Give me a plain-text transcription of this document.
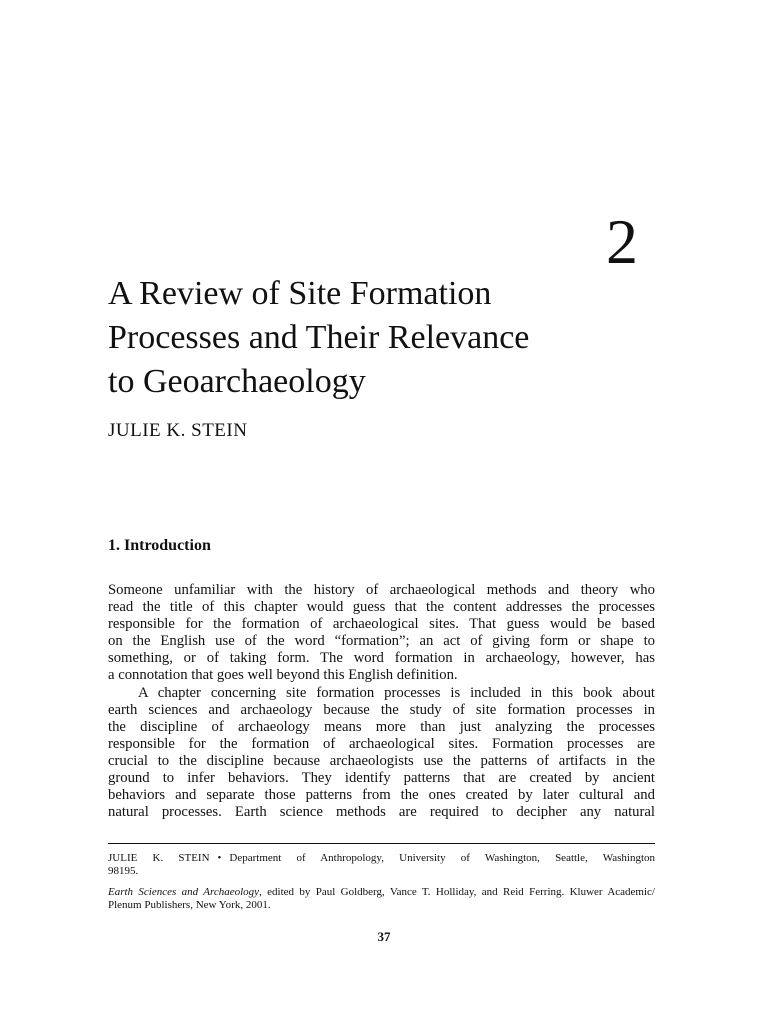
2
A Review of Site Formation
Processes and Their Relevance
to Geoarchaeology
JULIE K. STEIN
1. Introduction
Someone unfamiliar with the history of archaeological methods and theory who
read the title of this chapter would guess that the content addresses the processes
responsible for the formation of archaeological sites. That guess would be based
on the English use of the word “formation”; an act of giving form or shape to
something, or of taking form. The word formation in archaeology, however, has
a connotation that goes well beyond this English definition.
A chapter concerning site formation processes is included in this book about
earth sciences and archaeology because the study of site formation processes in
the discipline of archaeology means more than just analyzing the processes
responsible for the formation of archaeological sites. Formation processes are
crucial to the discipline because archaeologists use the patterns of artifacts in the
ground to infer behaviors. They identify patterns that are created by ancient
behaviors and separate those patterns from the ones created by later cultural and
natural processes. Earth science methods are required to decipher any natural
JULIE K. STEIN • Department of Anthropology, University of Washington, Seattle, Washington
98195.
Earth Sciences and Archaeology, edited by Paul Goldberg, Vance T. Holliday, and Reid Ferring. Kluwer Academic/
Plenum Publishers, New York, 2001.
37
